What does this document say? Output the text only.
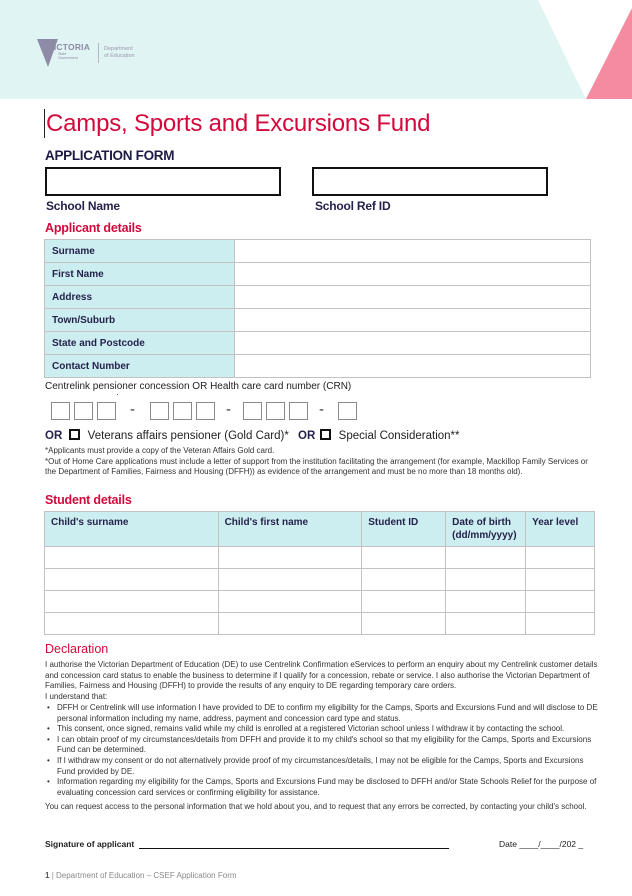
VICTORIA
State
Government
Department
of Education
Camps, Sports and Excursions Fund
APPLICATION FORM
School Name	School Ref ID
Applicant details
Surname	
First Name	
Address	
Town/Suburb	
State and Postcode	
Contact Number	
Centrelink pensioner concession OR Health care card number (CRN)
-	-	-
OR Veterans affairs pensioner (Gold Card)* OR Special Consideration**
*Applicants must provide a copy of the Veteran Affairs Gold card.
*Out of Home Care applications must include a letter of support from the institution facilitating the arrangement (for example, Mackillop Family Services or the Department of Families, Fairness and Housing (DFFH)) as evidence of the arrangement and must be no more than 18 months old).
Student details
Child's surname	Child's first name	Student ID	Date of birth (dd/mm/yyyy)	Year level

Declaration
I authorise the Victorian Department of Education (DE) to use Centrelink Confirmation eServices to perform an enquiry about my Centrelink customer details and concession card status to enable the business to determine if I qualify for a concession, rebate or service. I also authorise the Victorian Department of Families, Fairness and Housing (DFFH) to provide the results of any enquiry to DE regarding temporary care orders.
I understand that:
• DFFH or Centrelink will use information I have provided to DE to confirm my eligibility for the Camps, Sports and Excursions Fund and will disclose to DE personal information including my name, address, payment and concession card type and status.
• This consent, once signed, remains valid while my child is enrolled at a registered Victorian school unless I withdraw it by contacting the school.
• I can obtain proof of my circumstances/details from DFFH and provide it to my child's school so that my eligibility for the Camps, Sports and Excursions Fund can be determined.
• If I withdraw my consent or do not alternatively provide proof of my circumstances/details, I may not be eligible for the Camps, Sports and Excursions Fund provided by DE.
• Information regarding my eligibility for the Camps, Sports and Excursions Fund may be disclosed to DFFH and/or State Schools Relief for the purpose of evaluating concession card services or confirming eligibility for assistance.
You can request access to the personal information that we hold about you, and to request that any errors be corrected, by contacting your child's school.
Signature of applicant	Date ____/____/202 _
1 | Department of Education – CSEF Application Form
